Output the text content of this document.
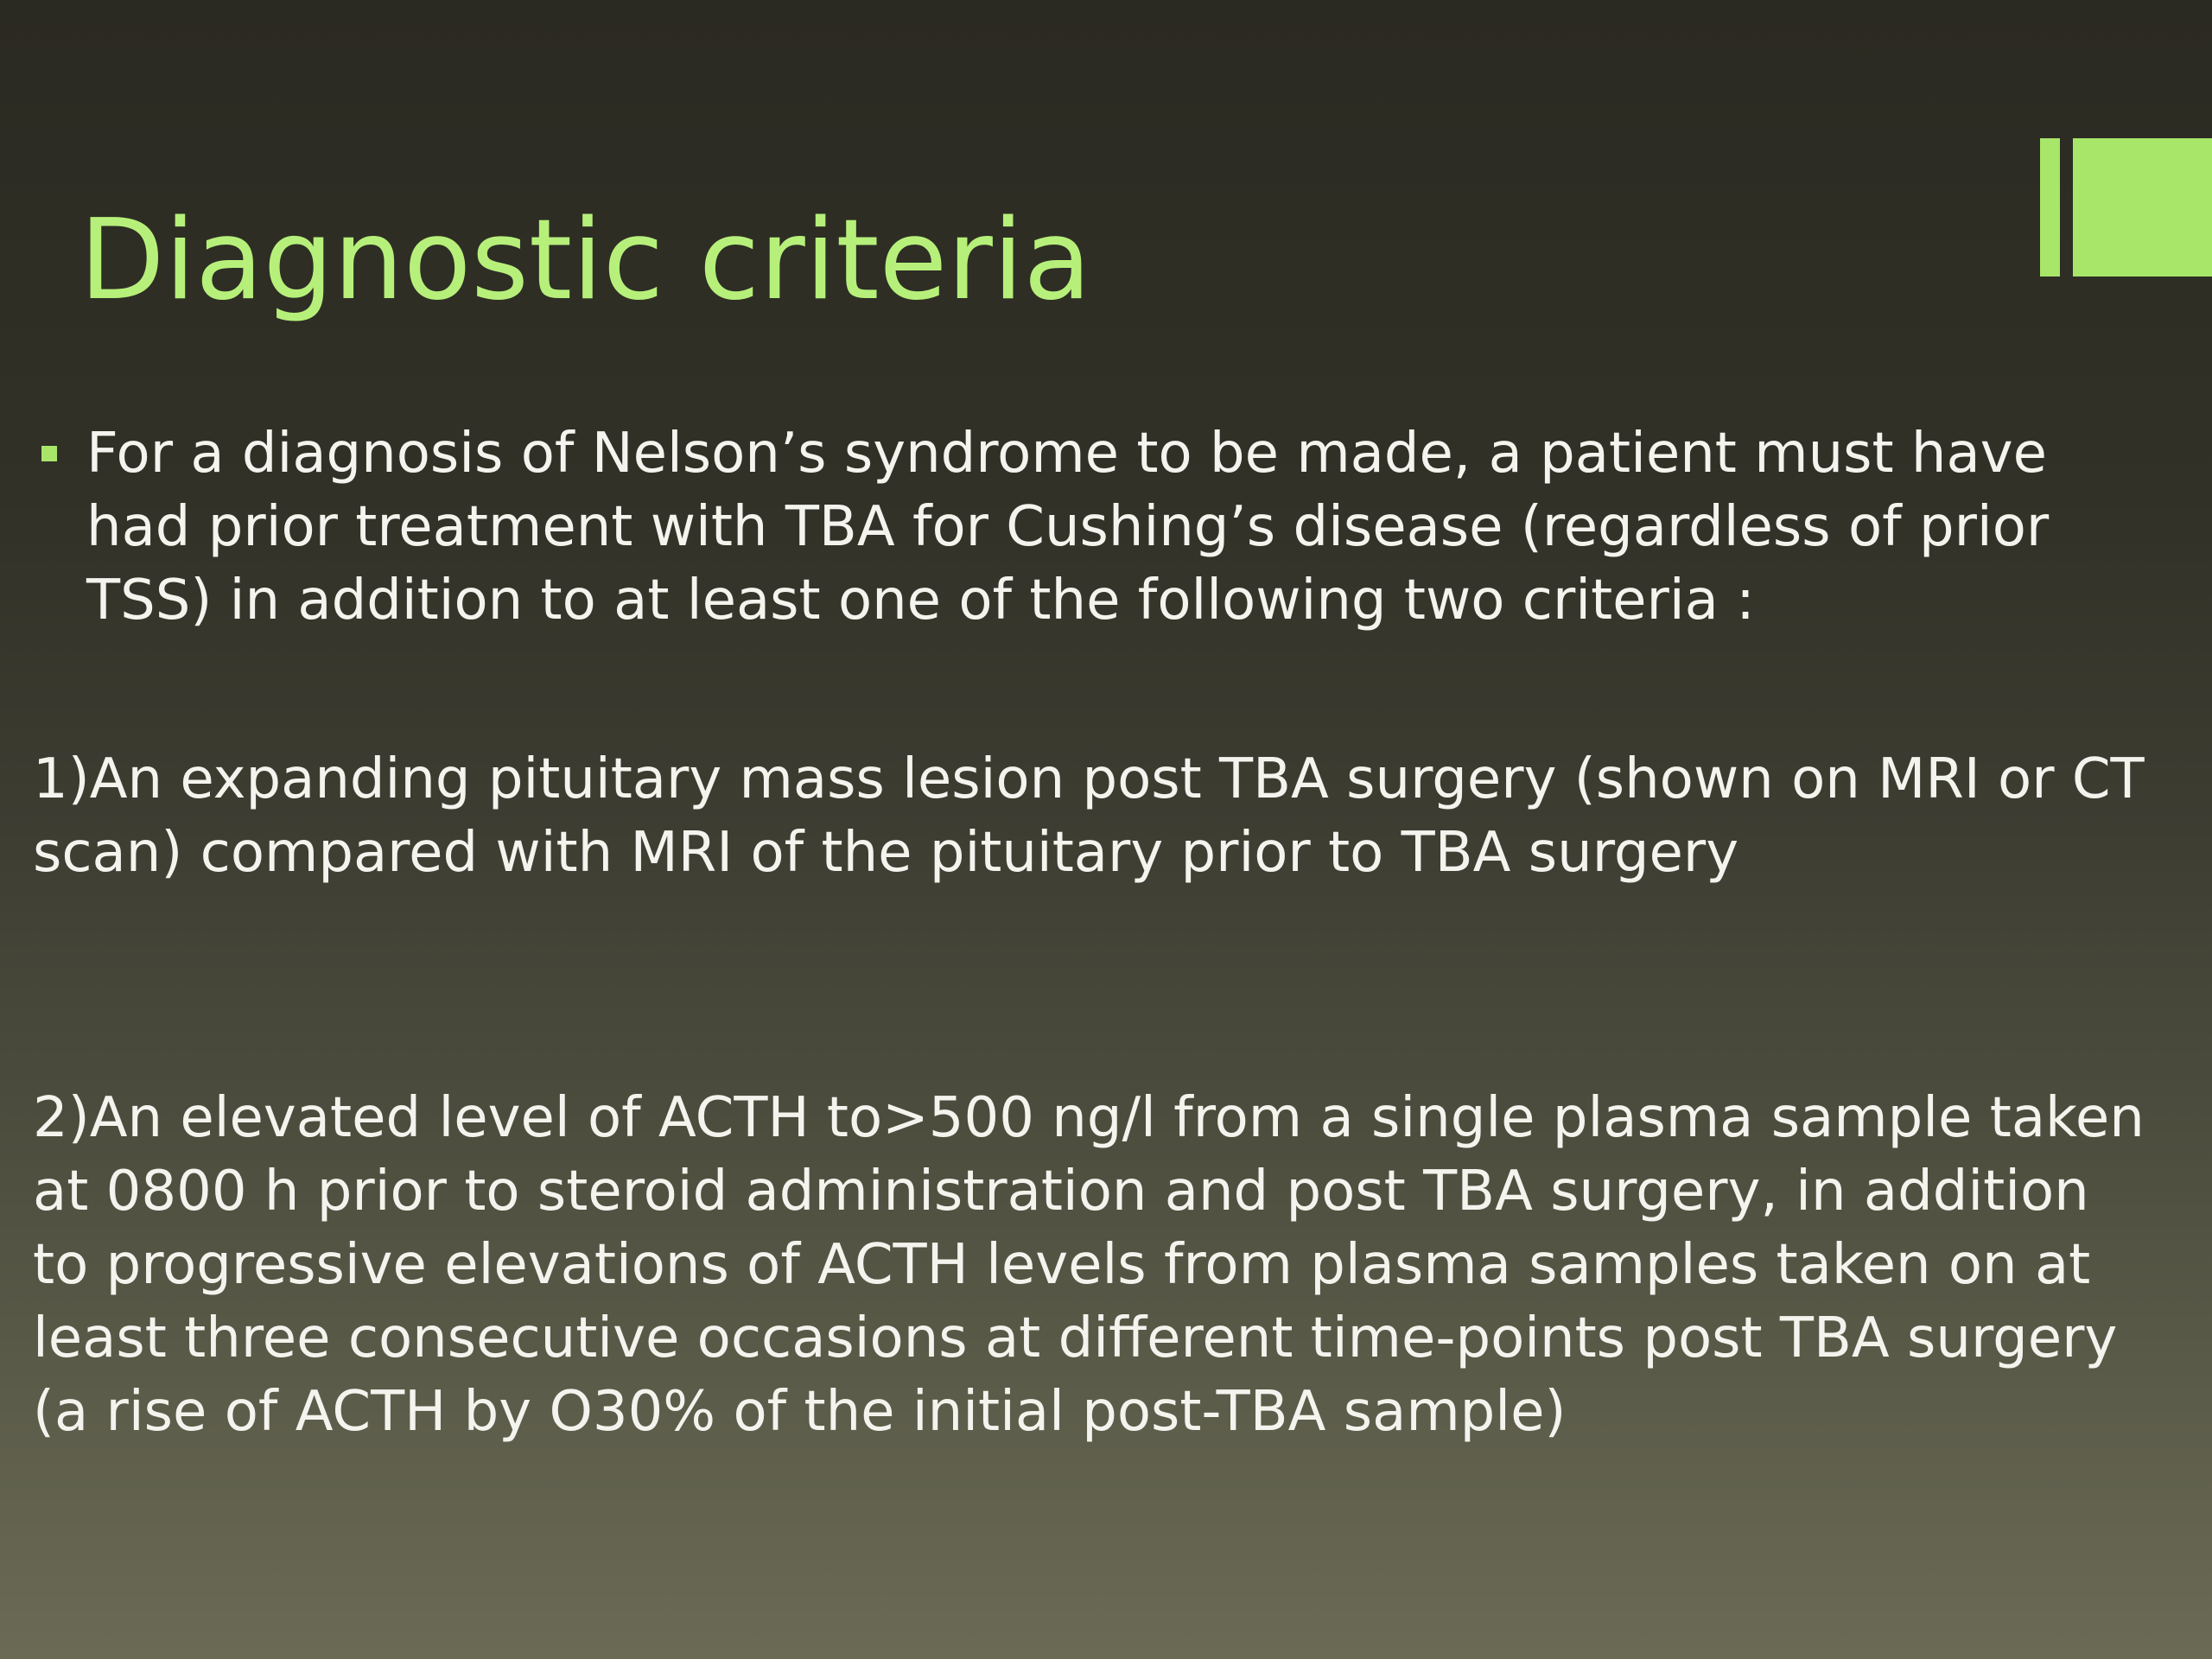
Diagnostic criteria
For a diagnosis of Nelson’s syndrome to be made, a patient must have had prior treatment with TBA for Cushing’s disease (regardless of prior TSS) in addition to at least one of the following two criteria :

1)An expanding pituitary mass lesion post TBA surgery (shown on MRI or CT scan) compared with MRI of the pituitary prior to TBA surgery

2)An elevated level of ACTH to>500 ng/l from a single plasma sample taken at 0800 h prior to steroid administration and post TBA surgery, in addition to progressive elevations of ACTH levels from plasma samples taken on at least three consecutive occasions at different time-points post TBA surgery (a rise of ACTH by O30% of the initial post-TBA sample)
